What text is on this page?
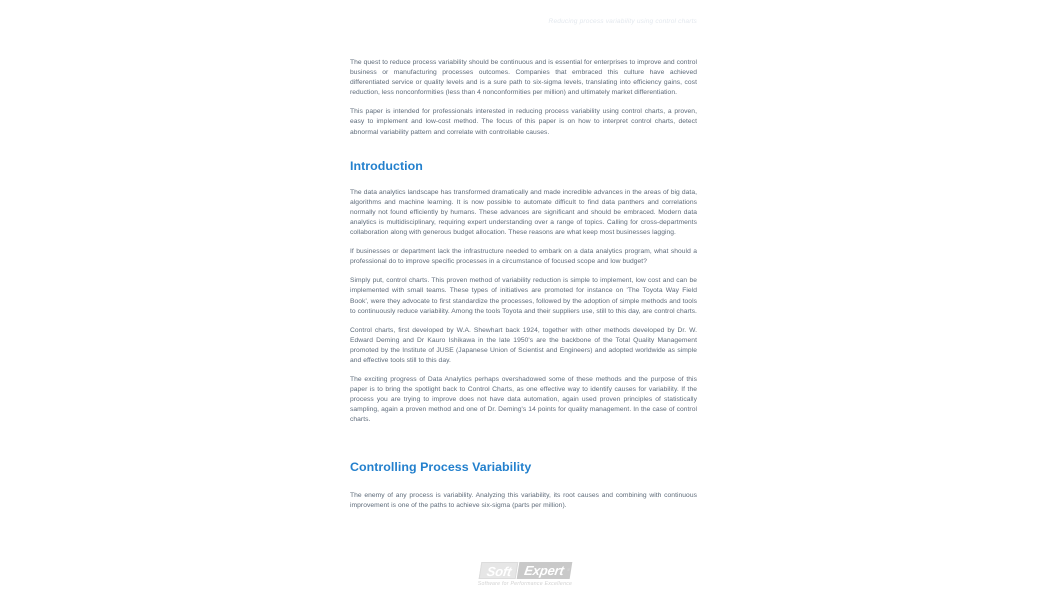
Reducing process variability using control charts

The quest to reduce process variability should be continuous and is essential for enterprises to improve and control business or manufacturing processes outcomes. Companies that embraced this culture have achieved differentiated service or quality levels and is a sure path to six-sigma levels, translating into efficiency gains, cost reduction, less nonconformities (less than 4 nonconformities per million) and ultimately market differentiation.

This paper is intended for professionals interested in reducing process variability using control charts, a proven, easy to implement and low-cost method. The focus of this paper is on how to interpret control charts, detect abnormal variability pattern and correlate with controllable causes.

Introduction

The data analytics landscape has transformed dramatically and made incredible advances in the areas of big data, algorithms and machine learning. It is now possible to automate difficult to find data panthers and correlations normally not found efficiently by humans. These advances are significant and should be embraced. Modern data analytics is multidisciplinary, requiring expert understanding over a range of topics. Calling for cross-departments collaboration along with generous budget allocation. These reasons are what keep most businesses lagging.

If businesses or department lack the infrastructure needed to embark on a data analytics program, what should a professional do to improve specific processes in a circumstance of focused scope and low budget?

Simply put, control charts. This proven method of variability reduction is simple to implement, low cost and can be implemented with small teams. These types of initiatives are promoted for instance on 'The Toyota Way Field Book', were they advocate to first standardize the processes, followed by the adoption of simple methods and tools to continuously reduce variability. Among the tools Toyota and their suppliers use, still to this day, are control charts.

Control charts, first developed by W.A. Shewhart back 1924, together with other methods developed by Dr. W. Edward Deming and Dr Kauro Ishikawa in the late 1950's are the backbone of the Total Quality Management promoted by the Institute of JUSE (Japanese Union of Scientist and Engineers) and adopted worldwide as simple and effective tools still to this day.

The exciting progress of Data Analytics perhaps overshadowed some of these methods and the purpose of this paper is to bring the spotlight back to Control Charts, as one effective way to identify causes for variability. If the process you are trying to improve does not have data automation, again used proven principles of statistically sampling, again a proven method and one of Dr. Deming's 14 points for quality management. In the case of control charts.

Controlling Process Variability

The enemy of any process is variability. Analyzing this variability, its root causes and combining with continuous improvement is one of the paths to achieve six-sigma (parts per million).

Soft Expert ®
Software for Performance Excellence
